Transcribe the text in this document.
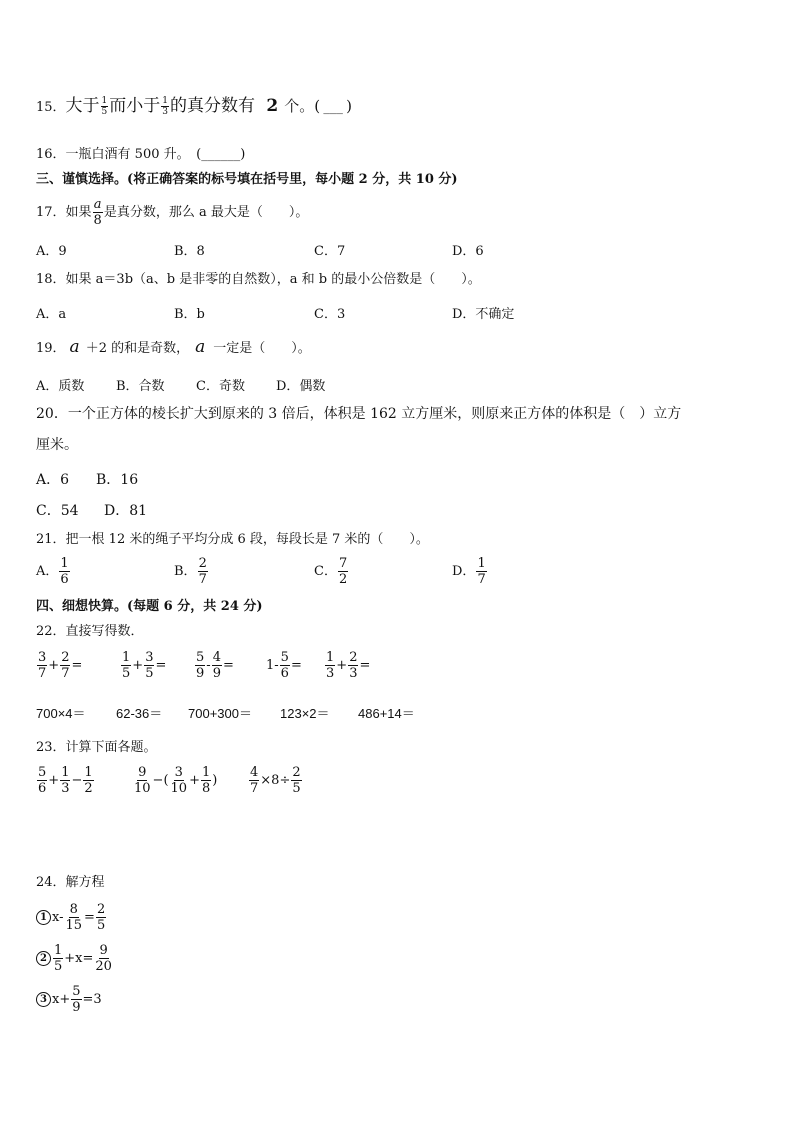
15．大于 $\frac{1}{5}$ 而小于 $\frac{1}{3}$ 的真分数有 2 个。( ___ )
16．一瓶白酒有 500 升。　(______)
三、谨慎选择。(将正确答案的标号填在括号里，每小题 2 分，共 10 分)
17．如果 $\frac{a}{8}$ 是真分数，那么 a 最大是（　　）。
A．9	B．8	C．7	D．6
18．如果 a＝3b（a、b 是非零的自然数），a 和 b 的最小公倍数是（　　）。
A．a	B．b	C．3	D．不确定
19． a ＋2 的和是奇数， a 一定是（　　）。
A．质数 B．合数 C．奇数 D．偶数
20．一个正方体的棱长扩大到原来的 3 倍后，体积是 162 立方厘米，则原来正方体的体积是（　）立方
厘米。
A．6 B．16
C．54 D．81
21．把一根 12 米的绳子平均分成 6 段，每段长是 7 米的（　　）。
A． $\frac{1}{6}$	B． $\frac{2}{7}$	C． $\frac{7}{2}$	D． $\frac{1}{7}$
四、细想快算。(每题 6 分，共 24 分)
22．直接写得数．
$\frac{3}{7} + \frac{2}{7}$ =	$\frac{1}{5} + \frac{3}{5} = \frac{5}{9} - \frac{4}{9} = 1- \frac{5}{6} = \frac{1}{3} + \frac{2}{3}$ =
700×4＝ 62-36＝ 700+300＝ 123×2＝ 486+14＝
23．计算下面各题。
$\frac{5}{6} + \frac{1}{3} - \frac{1}{2}$	$\frac{9}{10}$ −( $\frac{3}{10} + \frac{1}{8}$ ) $\frac{4}{7} \times 8\div \frac{2}{5}$
24．解方程
1 $x- \frac{8}{15} = \frac{2}{5}$
$2 \frac{1}{5} +x= \frac{9}{20}$
3 $x+ \frac{5}{9} =3$
